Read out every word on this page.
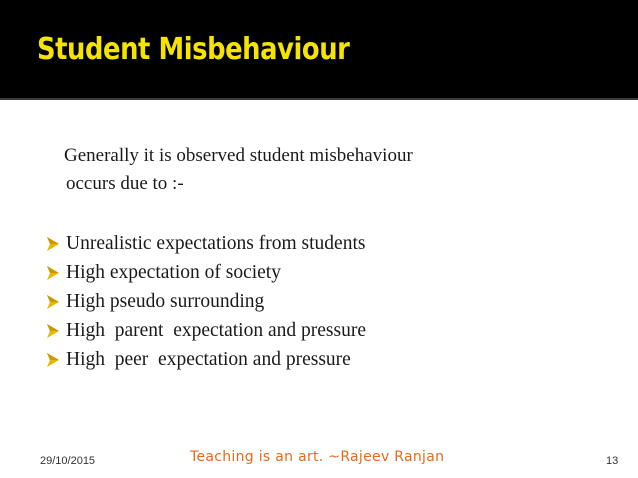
Student Misbehaviour

Generally it is observed student misbehaviour
occurs due to :-

Unrealistic expectations from students
High expectation of society
High pseudo surrounding
High  parent  expectation and pressure
High  peer  expectation and pressure
29/10/2015	Teaching is an art. ~Rajeev Ranjan	13
